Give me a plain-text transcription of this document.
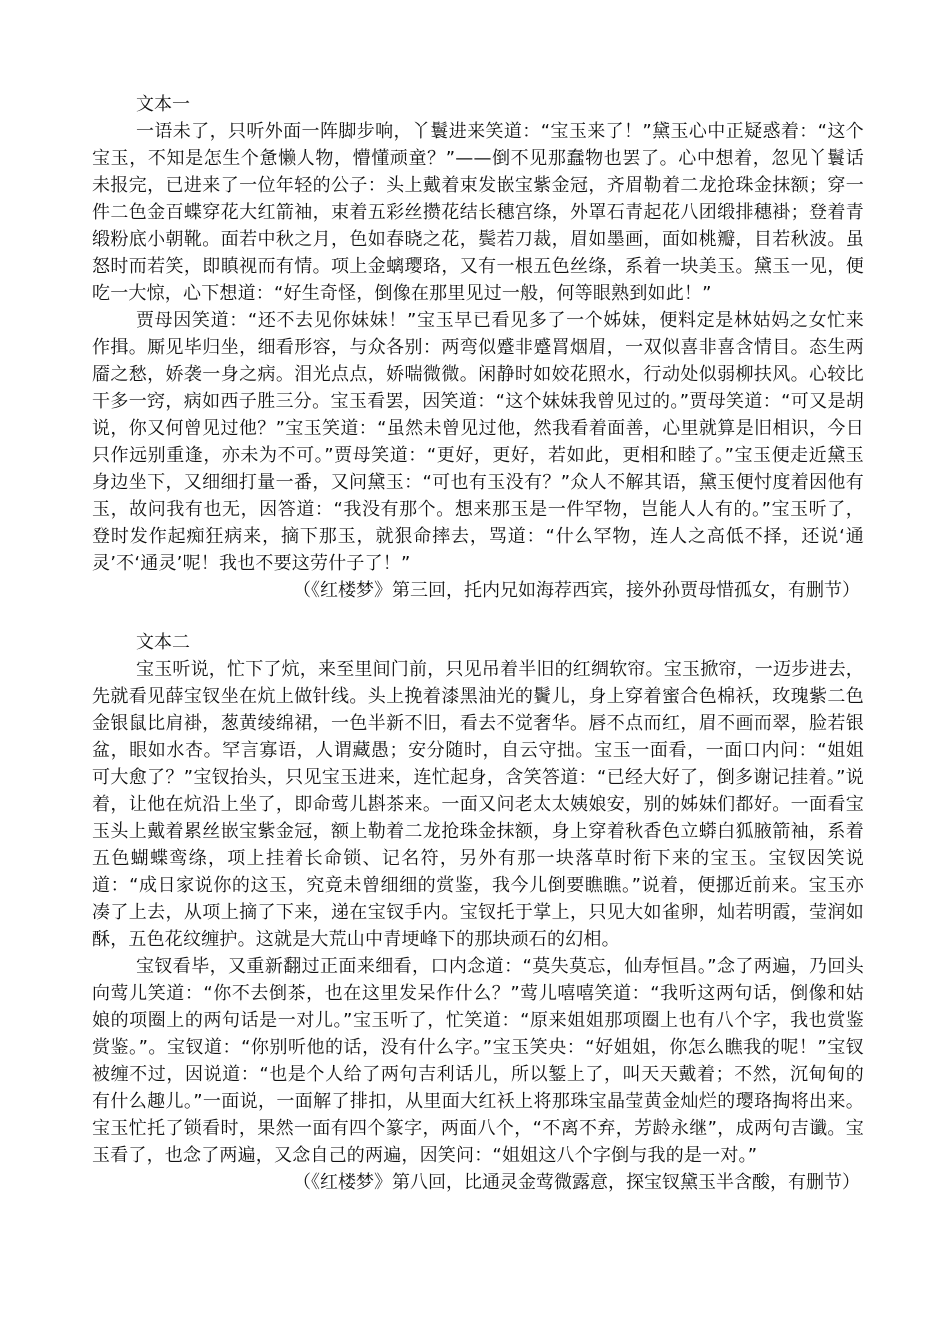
文本一

一语未了，只听外面一阵脚步响，丫鬟进来笑道：“宝玉来了！”黛玉心中正疑惑着：“这个宝玉，不知是怎生个惫懒人物，懵懂顽童？”——倒不见那蠢物也罢了。心中想着，忽见丫鬟话未报完，已进来了一位年轻的公子：头上戴着束发嵌宝紫金冠，齐眉勒着二龙抢珠金抹额；穿一件二色金百蝶穿花大红箭袖，束着五彩丝攒花结长穗宫绦，外罩石青起花八团缎排穗褂；登着青缎粉底小朝靴。面若中秋之月，色如春晓之花，鬓若刀裁，眉如墨画，面如桃瓣，目若秋波。虽怒时而若笑，即瞋视而有情。项上金螭璎珞，又有一根五色丝绦，系着一块美玉。黛玉一见，便吃一大惊，心下想道：“好生奇怪，倒像在那里见过一般，何等眼熟到如此！”

贾母因笑道：“还不去见你妹妹！”宝玉早已看见多了一个姊妹，便料定是林姑妈之女忙来作揖。厮见毕归坐，细看形容，与众各别：两弯似蹙非蹙罥烟眉，一双似喜非喜含情目。态生两靥之愁，娇袭一身之病。泪光点点，娇喘微微。闲静时如姣花照水，行动处似弱柳扶风。心较比干多一窍，病如西子胜三分。宝玉看罢，因笑道：“这个妹妹我曾见过的。”贾母笑道：“可又是胡说，你又何曾见过他？”宝玉笑道：“虽然未曾见过他，然我看着面善，心里就算是旧相识，今日只作远别重逢，亦未为不可。”贾母笑道：“更好，更好，若如此，更相和睦了。”宝玉便走近黛玉身边坐下，又细细打量一番，又问黛玉：“可也有玉没有？”众人不解其语，黛玉便忖度着因他有玉，故问我有也无，因答道：“我没有那个。想来那玉是一件罕物，岂能人人有的。”宝玉听了，登时发作起痴狂病来，摘下那玉，就狠命摔去，骂道：“什么罕物，连人之高低不择，还说‘通灵’不‘通灵’呢！我也不要这劳什子了！”

（《红楼梦》第三回，托内兄如海荐西宾，接外孙贾母惜孤女，有删节）

文本二

宝玉听说，忙下了炕，来至里间门前，只见吊着半旧的红绸软帘。宝玉掀帘，一迈步进去，先就看见薛宝钗坐在炕上做针线。头上挽着漆黑油光的鬢儿，身上穿着蜜合色棉袄，玫瑰紫二色金银鼠比肩褂，葱黄绫绵裙，一色半新不旧，看去不觉奢华。唇不点而红，眉不画而翠，脸若银盆，眼如水杏。罕言寡语，人谓藏愚；安分随时，自云守拙。宝玉一面看，一面口内问：“姐姐可大愈了？”宝钗抬头，只见宝玉进来，连忙起身，含笑答道：“已经大好了，倒多谢记挂着。”说着，让他在炕沿上坐了，即命莺儿斟茶来。一面又问老太太姨娘安，别的姊妹们都好。一面看宝玉头上戴着累丝嵌宝紫金冠，额上勒着二龙抢珠金抹额，身上穿着秋香色立蟒白狐腋箭袖，系着五色蝴蝶鸾绦，项上挂着长命锁、记名符，另外有那一块落草时衔下来的宝玉。宝钗因笑说道：“成日家说你的这玉，究竟未曾细细的赏鉴，我今儿倒要瞧瞧。”说着，便挪近前来。宝玉亦凑了上去，从项上摘了下来，递在宝钗手内。宝钗托于掌上，只见大如雀卵，灿若明霞，莹润如酥，五色花纹缠护。这就是大荒山中青埂峰下的那块顽石的幻相。

宝钗看毕，又重新翻过正面来细看，口内念道：“莫失莫忘，仙寿恒昌。”念了两遍，乃回头向莺儿笑道：“你不去倒茶，也在这里发呆作什么？”莺儿嘻嘻笑道：“我听这两句话，倒像和姑娘的项圈上的两句话是一对儿。”宝玉听了，忙笑道：“原来姐姐那项圈上也有八个字，我也赏鉴赏鉴。”。宝钗道：“你别听他的话，没有什么字。”宝玉笑央：“好姐姐，你怎么瞧我的呢！”宝钗被缠不过，因说道：“也是个人给了两句吉利话儿，所以錾上了，叫天天戴着；不然，沉甸甸的有什么趣儿。”一面说，一面解了排扣，从里面大红袄上将那珠宝晶莹黄金灿烂的璎珞掏将出来。宝玉忙托了锁看时，果然一面有四个篆字，两面八个，“不离不弃，芳龄永继”，成两句吉谶。宝玉看了，也念了两遍，又念自己的两遍，因笑问：“姐姐这八个字倒与我的是一对。”

（《红楼梦》第八回，比通灵金莺微露意，探宝钗黛玉半含酸，有删节）
